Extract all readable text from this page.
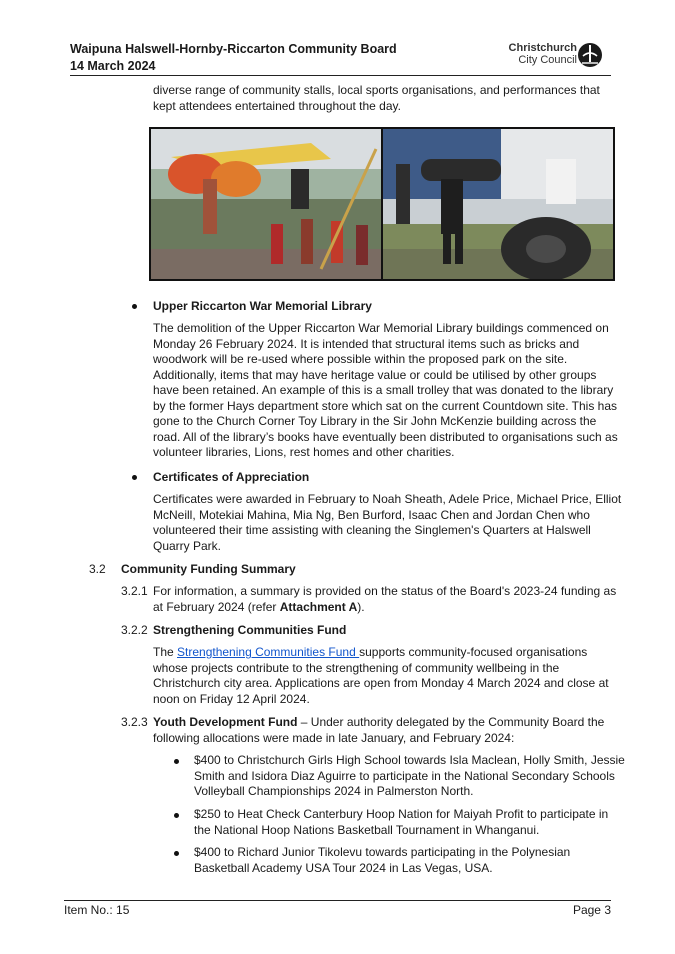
Waipuna Halswell-Hornby-Riccarton Community Board
14 March 2024
Christchurch
City Council
diverse range of community stalls, local sports organisations, and performances that
kept attendees entertained throughout the day.
Upper Riccarton War Memorial Library
The demolition of the Upper Riccarton War Memorial Library buildings commenced on
Monday 26 February 2024. It is intended that structural items such as bricks and
woodwork will be re-used where possible within the proposed park on the site.
Additionally, items that may have heritage value or could be utilised by other groups
have been retained. An example of this is a small trolley that was donated to the library
by the former Hays department store which sat on the current Countdown site. This has
gone to the Church Corner Toy Library in the Sir John McKenzie building across the
road. All of the library’s books have eventually been distributed to organisations such as
volunteer libraries, Lions, rest homes and other charities.
Certificates of Appreciation
Certificates were awarded in February to Noah Sheath, Adele Price, Michael Price, Elliot
McNeill, Motekiai Mahina, Mia Ng, Ben Burford, Isaac Chen and Jordan Chen who
volunteered their time assisting with cleaning the Singlemen's Quarters at Halswell
Quarry Park.
3.2 Community Funding Summary
3.2.1 For information, a summary is provided on the status of the Board's 2023-24 funding as
at February 2024 (refer Attachment A).
3.2.2 Strengthening Communities Fund
The Strengthening Communities Fund supports community-focused organisations
whose projects contribute to the strengthening of community wellbeing in the
Christchurch city area. Applications are open from Monday 4 March 2024 and close at
noon on Friday 12 April 2024.
3.2.3 Youth Development Fund – Under authority delegated by the Community Board the
following allocations were made in late January, and February 2024:
$400 to Christchurch Girls High School towards Isla Maclean, Holly Smith, Jessie
Smith and Isidora Diaz Aguirre to participate in the National Secondary Schools
Volleyball Championships 2024 in Palmerston North.
$250 to Heat Check Canterbury Hoop Nation for Maiyah Profit to participate in
the National Hoop Nations Basketball Tournament in Whanganui.
$400 to Richard Junior Tikolevu towards participating in the Polynesian
Basketball Academy USA Tour 2024 in Las Vegas, USA.
Item No.: 15	Page 3
